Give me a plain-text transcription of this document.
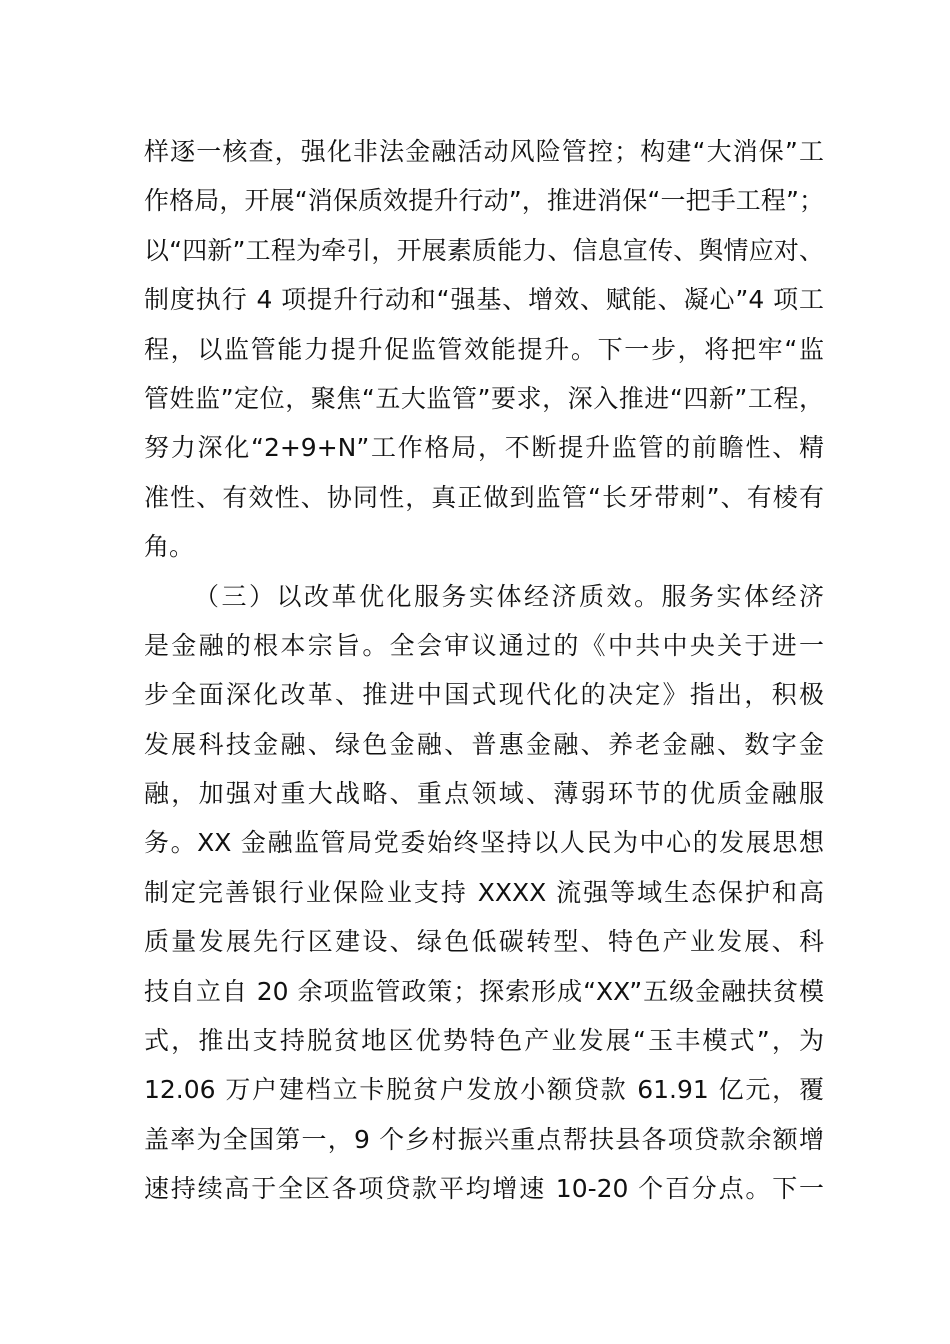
样逐一核查，强化非法金融活动风险管控；构建“大消保”工
作格局，开展“消保质效提升行动”，推进消保“一把手工程”；
以“四新”工程为牵引，开展素质能力、信息宣传、舆情应对、
制度执行 4 项提升行动和“强基、增效、赋能、凝心”4 项工
程，以监管能力提升促监管效能提升。下一步，将把牢“监
管姓监”定位，聚焦“五大监管”要求，深入推进“四新”工程，
努力深化“2+9+N”工作格局，不断提升监管的前瞻性、精
准性、有效性、协同性，真正做到监管“长牙带刺”、有棱有
角。
（三）以改革优化服务实体经济质效。服务实体经济
是金融的根本宗旨。全会审议通过的《中共中央关于进一
步全面深化改革、推进中国式现代化的决定》指出，积极
发展科技金融、绿色金融、普惠金融、养老金融、数字金
融，加强对重大战略、重点领域、薄弱环节的优质金融服
务。XX 金融监管局党委始终坚持以人民为中心的发展思想
制定完善银行业保险业支持 XXXX 流强等域生态保护和高
质量发展先行区建设、绿色低碳转型、特色产业发展、科
技自立自 20 余项监管政策；探索形成“XX”五级金融扶贫模
式，推出支持脱贫地区优势特色产业发展“玉丰模式”，为
12.06 万户建档立卡脱贫户发放小额贷款 61.91 亿元，覆
盖率为全国第一，9 个乡村振兴重点帮扶县各项贷款余额增
速持续高于全区各项贷款平均增速 10-20 个百分点。下一
